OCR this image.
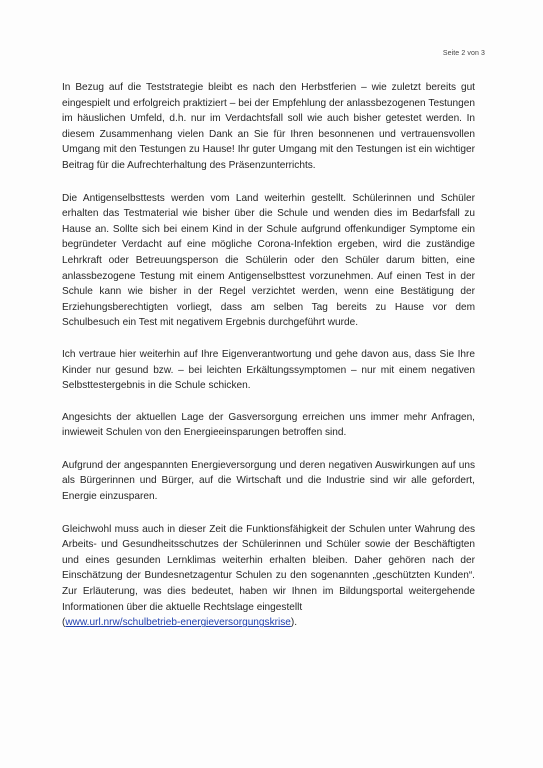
Seite 2 von 3

In Bezug auf die Teststrategie bleibt es nach den Herbstferien – wie zuletzt bereits gut eingespielt und erfolgreich praktiziert – bei der Empfehlung der anlassbezogenen Testungen im häuslichen Umfeld, d.h. nur im Verdachtsfall soll wie auch bisher getestet werden. In diesem Zusammenhang vielen Dank an Sie für Ihren besonnenen und vertrauensvollen Umgang mit den Testungen zu Hause! Ihr guter Umgang mit den Testungen ist ein wichtiger Beitrag für die Aufrechterhaltung des Präsenzunterrichts.

Die Antigenselbsttests werden vom Land weiterhin gestellt. Schülerinnen und Schüler erhalten das Testmaterial wie bisher über die Schule und wenden dies im Bedarfsfall zu Hause an. Sollte sich bei einem Kind in der Schule aufgrund offenkundiger Symptome ein begründeter Verdacht auf eine mögliche Corona-Infektion ergeben, wird die zuständige Lehrkraft oder Betreuungsperson die Schülerin oder den Schüler darum bitten, eine anlassbezogene Testung mit einem Antigenselbsttest vorzunehmen. Auf einen Test in der Schule kann wie bisher in der Regel verzichtet werden, wenn eine Bestätigung der Erziehungsberechtigten vorliegt, dass am selben Tag bereits zu Hause vor dem Schulbesuch ein Test mit negativem Ergebnis durchgeführt wurde.

Ich vertraue hier weiterhin auf Ihre Eigenverantwortung und gehe davon aus, dass Sie Ihre Kinder nur gesund bzw. – bei leichten Erkältungssymptomen – nur mit einem negativen Selbsttestergebnis in die Schule schicken.

Angesichts der aktuellen Lage der Gasversorgung erreichen uns immer mehr Anfragen, inwieweit Schulen von den Energieeinsparungen betroffen sind.

Aufgrund der angespannten Energieversorgung und deren negativen Auswirkungen auf uns als Bürgerinnen und Bürger, auf die Wirtschaft und die Industrie sind wir alle gefordert, Energie einzusparen.

Gleichwohl muss auch in dieser Zeit die Funktionsfähigkeit der Schulen unter Wahrung des Arbeits- und Gesundheitsschutzes der Schülerinnen und Schüler sowie der Beschäftigten und eines gesunden Lernklimas weiterhin erhalten bleiben. Daher gehören nach der Einschätzung der Bundesnetzagentur Schulen zu den sogenannten „geschützten Kunden“. Zur Erläuterung, was dies bedeutet, haben wir Ihnen im Bildungsportal weitergehende Informationen über die aktuelle Rechtslage eingestellt
(www.url.nrw/schulbetrieb-energieversorgungskrise).
